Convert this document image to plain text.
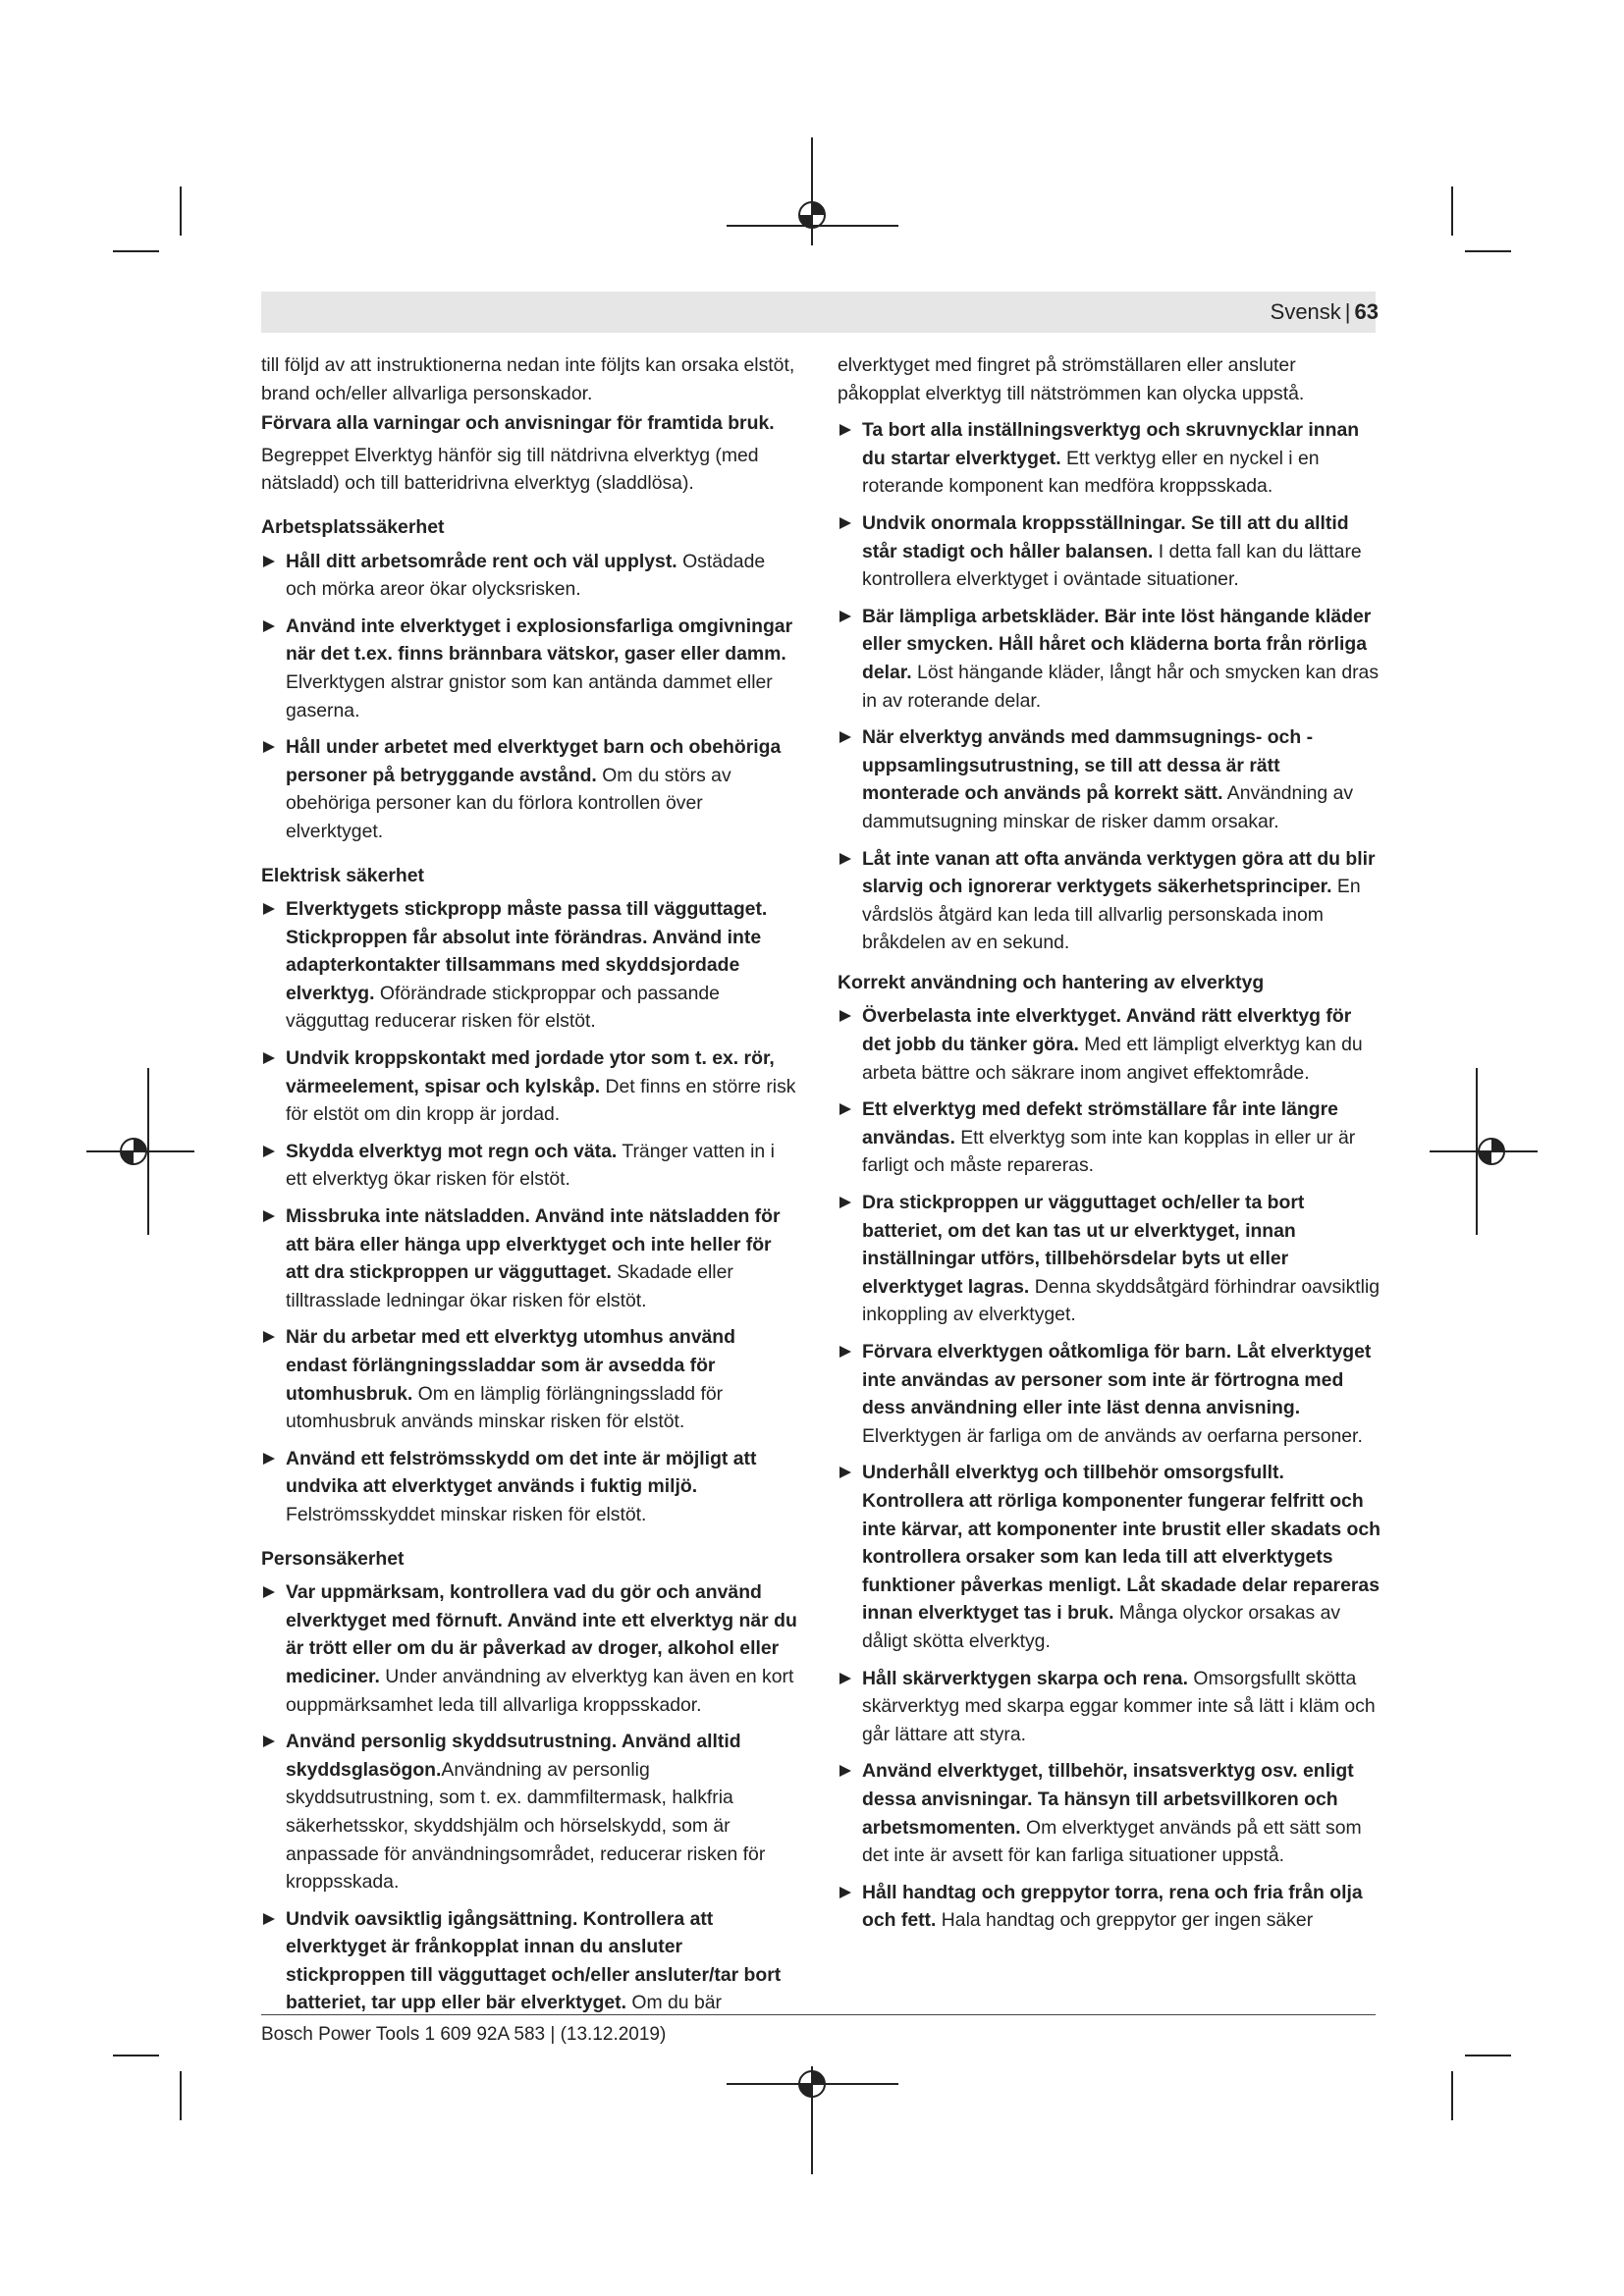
Svensk | 63

till följd av att instruktionerna nedan inte följts kan orsaka elstöt, brand och/eller allvarliga personskador.

Förvara alla varningar och anvisningar för framtida bruk.

Begreppet Elverktyg hänför sig till nätdrivna elverktyg (med nätsladd) och till batteridrivna elverktyg (sladdlösa).

Arbetsplatssäkerhet
Håll ditt arbetsområde rent och väl upplyst. Ostädade och mörka areor ökar olycksrisken.
Använd inte elverktyget i explosionsfarliga omgivningar när det t.ex. finns brännbara vätskor, gaser eller damm. Elverktygen alstrar gnistor som kan antända dammet eller gaserna.
Håll under arbetet med elverktyget barn och obehöriga personer på betryggande avstånd. Om du störs av obehöriga personer kan du förlora kontrollen över elverktyget.
Elektrisk säkerhet
Elverktygets stickpropp måste passa till vägguttaget. Stickproppen får absolut inte förändras. Använd inte adapterkontakter tillsammans med skyddsjordade elverktyg. Oförändrade stickproppar och passande vägguttag reducerar risken för elstöt.
Undvik kroppskontakt med jordade ytor som t. ex. rör, värmeelement, spisar och kylskåp. Det finns en större risk för elstöt om din kropp är jordad.
Skydda elverktyg mot regn och väta. Tränger vatten in i ett elverktyg ökar risken för elstöt.
Missbruka inte nätsladden. Använd inte nätsladden för att bära eller hänga upp elverktyget och inte heller för att dra stickproppen ur vägguttaget. Skadade eller tilltrasslade ledningar ökar risken för elstöt.
När du arbetar med ett elverktyg utomhus använd endast förlängningssladdar som är avsedda för utomhusbruk. Om en lämplig förlängningssladd för utomhusbruk används minskar risken för elstöt.
Använd ett felströmsskydd om det inte är möjligt att undvika att elverktyget används i fuktig miljö. Felströmsskyddet minskar risken för elstöt.
Personsäkerhet
Var uppmärksam, kontrollera vad du gör och använd elverktyget med förnuft. Använd inte ett elverktyg när du är trött eller om du är påverkad av droger, alkohol eller mediciner. Under användning av elverktyg kan även en kort ouppmärksamhet leda till allvarliga kroppsskador.
Använd personlig skyddsutrustning. Använd alltid skyddsglasögon.Användning av personlig skyddsutrustning, som t. ex. dammfiltermask, halkfria säkerhetsskor, skyddshjälm och hörselskydd, som är anpassade för användningsområdet, reducerar risken för kroppsskada.
Undvik oavsiktlig igångsättning. Kontrollera att elverktyget är frånkopplat innan du ansluter stickproppen till vägguttaget och/eller ansluter/tar bort batteriet, tar upp eller bär elverktyget. Om du bär

elverktyget med fingret på strömställaren eller ansluter påkopplat elverktyg till nätströmmen kan olycka uppstå.

Ta bort alla inställningsverktyg och skruvnycklar innan du startar elverktyget. Ett verktyg eller en nyckel i en roterande komponent kan medföra kroppsskada.
Undvik onormala kroppsställningar. Se till att du alltid står stadigt och håller balansen. I detta fall kan du lättare kontrollera elverktyget i oväntade situationer.
Bär lämpliga arbetskläder. Bär inte löst hängande kläder eller smycken. Håll håret och kläderna borta från rörliga delar. Löst hängande kläder, långt hår och smycken kan dras in av roterande delar.
När elverktyg används med dammsugnings- och -uppsamlingsutrustning, se till att dessa är rätt monterade och används på korrekt sätt. Användning av dammutsugning minskar de risker damm orsakar.
Låt inte vanan att ofta använda verktygen göra att du blir slarvig och ignorerar verktygets säkerhetsprinciper. En vårdslös åtgärd kan leda till allvarlig personskada inom bråkdelen av en sekund.
Korrekt användning och hantering av elverktyg
Överbelasta inte elverktyget. Använd rätt elverktyg för det jobb du tänker göra. Med ett lämpligt elverktyg kan du arbeta bättre och säkrare inom angivet effektområde.
Ett elverktyg med defekt strömställare får inte längre användas. Ett elverktyg som inte kan kopplas in eller ur är farligt och måste repareras.
Dra stickproppen ur vägguttaget och/eller ta bort batteriet, om det kan tas ut ur elverktyget, innan inställningar utförs, tillbehörsdelar byts ut eller elverktyget lagras. Denna skyddsåtgärd förhindrar oavsiktlig inkoppling av elverktyget.
Förvara elverktygen oåtkomliga för barn. Låt elverktyget inte användas av personer som inte är förtrogna med dess användning eller inte läst denna anvisning. Elverktygen är farliga om de används av oerfarna personer.
Underhåll elverktyg och tillbehör omsorgsfullt. Kontrollera att rörliga komponenter fungerar felfritt och inte kärvar, att komponenter inte brustit eller skadats och kontrollera orsaker som kan leda till att elverktygets funktioner påverkas menligt. Låt skadade delar repareras innan elverktyget tas i bruk. Många olyckor orsakas av dåligt skötta elverktyg.
Håll skärverktygen skarpa och rena. Omsorgsfullt skötta skärverktyg med skarpa eggar kommer inte så lätt i kläm och går lättare att styra.
Använd elverktyget, tillbehör, insatsverktyg osv. enligt dessa anvisningar. Ta hänsyn till arbetsvillkoren och arbetsmomenten. Om elverktyget används på ett sätt som det inte är avsett för kan farliga situationer uppstå.
Håll handtag och greppytor torra, rena och fria från olja och fett. Hala handtag och greppytor ger ingen säker
Bosch Power Tools 1 609 92A 583 | (13.12.2019)
